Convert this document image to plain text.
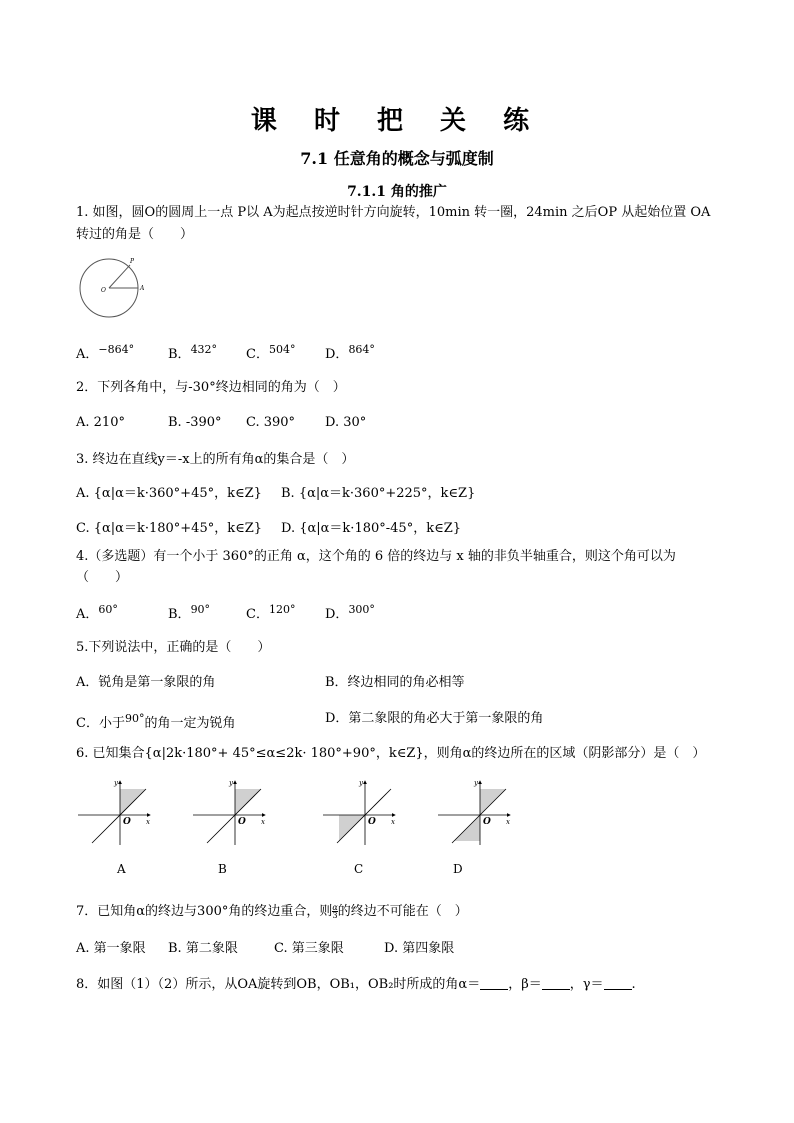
课 时 把 关 练
7.1 任意角的概念与弧度制
7.1.1 角的推广
1. 如图，圆O的圆周上一点 P以 A为起点按逆时针方向旋转，10min 转一圈，24min 之后OP 从起始位置 OA
转过的角是（　　）
O
P
A
A．$^{-864^\circ}$	B．$^{432^\circ}$ C．$^{504^\circ}$ D．$^{864^\circ}$
2．下列各角中，与-30°终边相同的角为（　）
A. 210°	B. -390° C. 390° D. 30°
3. 终边在直线y＝-x上的所有角α的集合是（　）
A. {α|α＝k·360°+45°，k∈Z} B. {α|α＝k·360°+225°，k∈Z}
C. {α|α＝k·180°+45°，k∈Z} D. {α|α＝k·180°-45°，k∈Z}
4.（多选题）有一个小于 360°的正角 α，这个角的 6 倍的终边与 x 轴的非负半轴重合，则这个角可以为
（　　）
A．$^{60^\circ}$	B．$^{90^\circ}$	C．$^{120^\circ}$ D．$^{300^\circ}$
5.下列说法中，正确的是（　　）
A．锐角是第一象限的角	B．终边相同的角必相等
C．小于$^{90^\circ}$的角一定为锐角	D．第二象限的角必大于第一象限的角
6. 已知集合{α|2k·180°+ 45°≤α≤2k· 180°+90°，k∈Z}，则角α的终边所在的区域（阴影部分）是（　）
y
x
O
y
x
O
y
x
O
y
x
O
A	B	C	D
7．已知角α的终边与300°角的终边重合，则 $\frac{\alpha}{3}$ 的终边不可能在（　）
A. 第一象限 B. 第二象限	C. 第三象限	D. 第四象限
8．如图（1）（2）所示，从OA旋转到OB，OB₁，OB₂时所成的角α＝ ，β＝ ，γ＝ .
